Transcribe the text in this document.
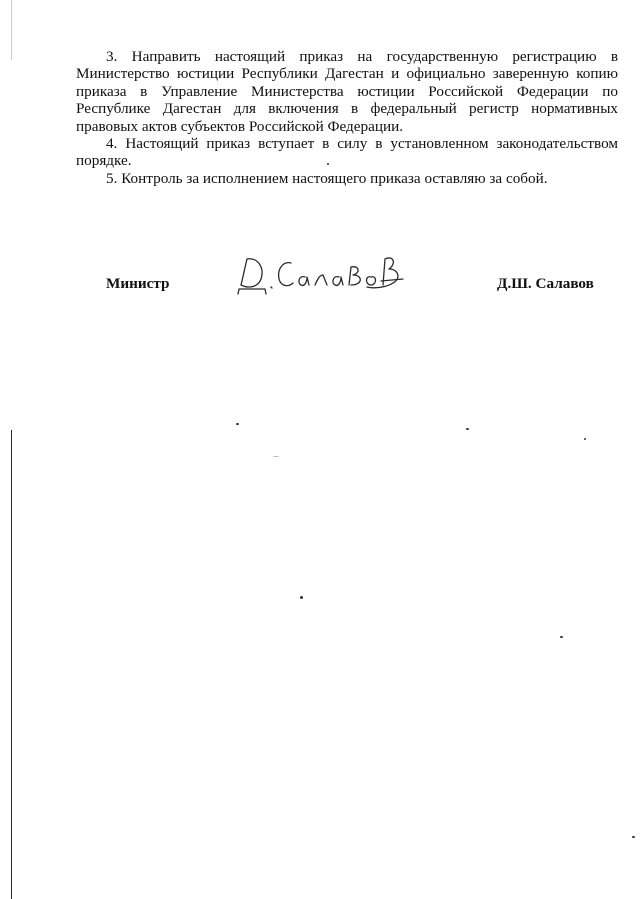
3. Направить настоящий приказ на государственную регистрацию в Министерство юстиции Республики Дагестан и официально заверенную копию приказа в Управление Министерства юстиции Российской Федерации по Республике Дагестан для включения в федеральный регистр нормативных правовых актов субъектов Российской Федерации.

4. Настоящий приказ вступает в силу в установленном законодательством порядке.

5. Контроль за исполнением настоящего приказа оставляю за собой.

Министр	Д.Ш. Салавов
